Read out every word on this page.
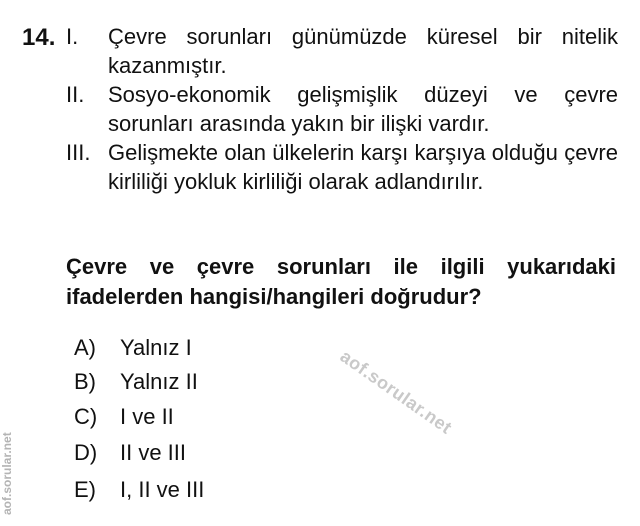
14. I. Çevre sorunları günümüzde küresel bir nitelik kazanmıştır.
II. Sosyo-ekonomik gelişmişlik düzeyi ve çevre sorunları arasında yakın bir ilişki vardır.
III. Gelişmekte olan ülkelerin karşı karşıya olduğu çevre kirliliği yokluk kirliliği olarak adlandırılır.
Çevre ve çevre sorunları ile ilgili yukarıdaki ifadelerden hangisi/hangileri doğrudur?
A) Yalnız I
B) Yalnız II
C) I ve II
D) II ve III
E) I, II ve III
aof.sorular.net
aof.sorular.net
